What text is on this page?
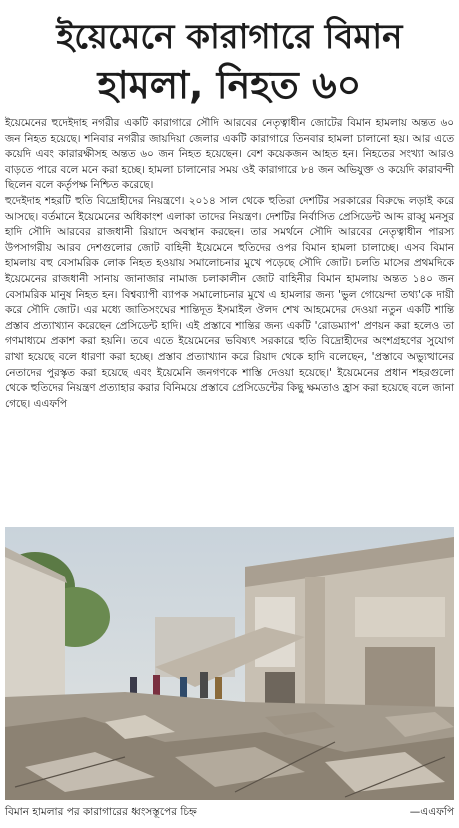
ইয়েমেনে কারাগারে বিমান
হামলা, নিহত ৬০

ইয়েমেনের হুদেইদাহ নগরীর একটি কারাগারে সৌদি আরবের নেতৃত্বাধীন জোটের বিমান হামলায় অন্তত ৬০ জন নিহত হয়েছে। শনিবার নগরীর জায়দিয়া জেলার একটি কারাগারে তিনবার হামলা চালানো হয়। আর এতে কয়েদি এবং কারারক্ষীসহ অন্তত ৬০ জন নিহত হয়েছেন। বেশ কয়েকজন আহত হন। নিহতের সংখ্যা আরও বাড়তে পারে বলে মনে করা হচ্ছে। হামলা চালানোর সময় ওই কারাগারে ৮৪ জন অভিযুক্ত ও কয়েদি কারাবন্দী ছিলেন বলে কর্তৃপক্ষ নিশ্চিত করেছে।

হুদেইদাহ শহরটি হুতি বিদ্রোহীদের নিয়ন্ত্রণে। ২০১৪ সাল থেকে হুতিরা দেশটির সরকারের বিরুদ্ধে লড়াই করে আসছে। বর্তমানে ইয়েমেনের অধিকাংশ এলাকা তাদের নিয়ন্ত্রণ। দেশটির নির্বাসিত প্রেসিডেন্ট আব্দ রাব্বু মনসুর হাদি সৌদি আরবের রাজধানী রিয়াদে অবস্থান করছেন। তার সমর্থনে সৌদি আরবের নেতৃত্বাধীন পারস্য উপসাগরীয় আরব দেশগুলোর জোট বাহিনী ইয়েমেনে হুতিদের ওপর বিমান হামলা চালাচ্ছে। এসব বিমান হামলায় বহু বেসামরিক লোক নিহত হওয়ায় সমালোচনার মুখে পড়েছে সৌদি জোট। চলতি মাসের প্রথমদিকে ইয়েমেনের রাজধানী সানায় জানাজার নামাজ চলাকালীন জোট বাহিনীর বিমান হামলায় অন্তত ১৪০ জন বেসামরিক মানুষ নিহত হন। বিশ্বব্যাপী ব্যাপক সমালোচনার মুখে এ হামলার জন্য 'ভুল গোয়েন্দা তথ্য'কে দায়ী করে সৌদি জোট। এর মধ্যে জাতিসংঘের শান্তিদূত ইসমাইল ঔলদ শেখ আহমেদের দেওয়া নতুন একটি শান্তি প্রস্তাব প্রত্যাখ্যান করেছেন প্রেসিডেন্ট হাদি। এই প্রস্তাবে শান্তির জন্য একটি 'রোডম্যাপ' প্রণয়ন করা হলেও তা গণমাধ্যমে প্রকাশ করা হয়নি। তবে এতে ইয়েমেনের ভবিষ্যৎ সরকারে হুতি বিদ্রোহীদের অংশগ্রহণের সুযোগ রাখা হয়েছে বলে ধারণা করা হচ্ছে। প্রস্তাব প্রত্যাখ্যান করে রিয়াদ থেকে হাদি বলেছেন, 'প্রস্তাবে অভ্যুত্থানের নেতাদের পুরস্কৃত করা হয়েছে এবং ইয়েমেনি জনগণকে শাস্তি দেওয়া হয়েছে।' ইয়েমেনের প্রধান শহরগুলো থেকে হুতিদের নিয়ন্ত্রণ প্রত্যাহার করার বিনিময়ে প্রস্তাবে প্রেসিডেন্টের কিছু ক্ষমতাও হ্রাস করা হয়েছে বলে জানা গেছে। এএফপি

বিমান হামলার পর কারাগারের ধ্বংসস্তূপের চিহ্ন	—এএফপি
